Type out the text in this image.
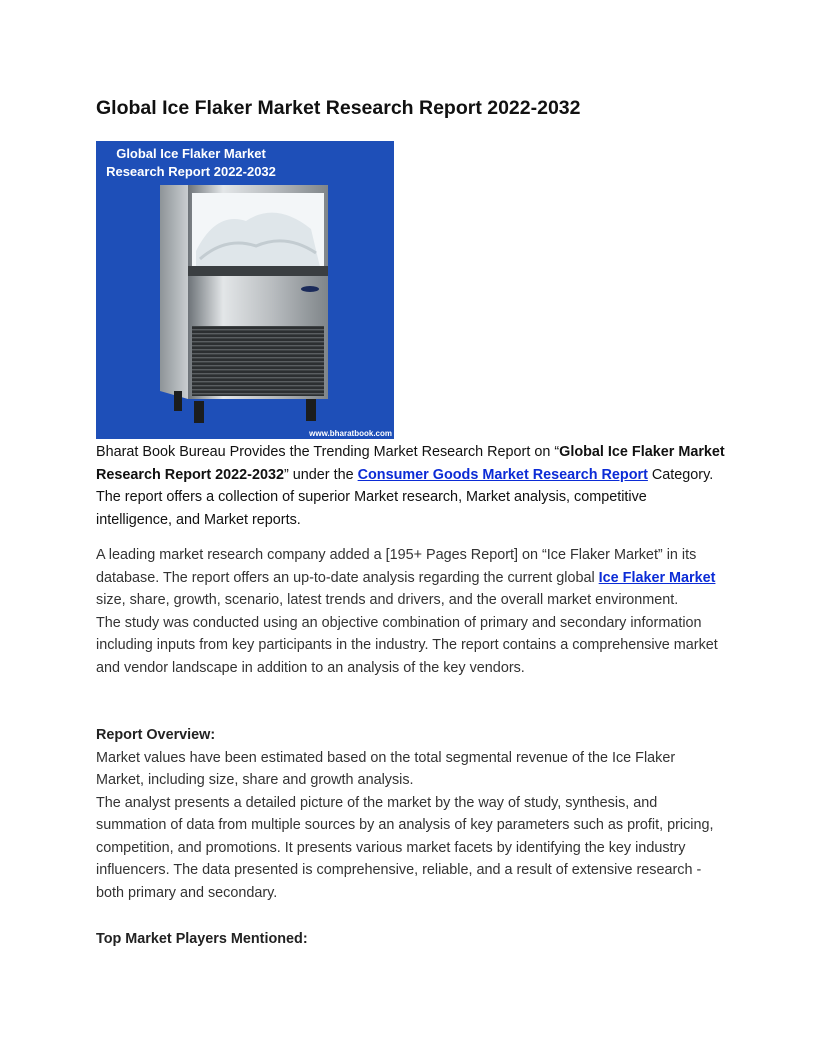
Global Ice Flaker Market Research Report 2022-2032
Global Ice Flaker Market
Research Report 2022-2032
www.bharatbook.com

Bharat Book Bureau Provides the Trending Market Research Report on “Global Ice Flaker Market Research Report 2022-2032” under the Consumer Goods Market Research Report Category. The report offers a collection of superior Market research, Market analysis, competitive intelligence, and Market reports.

A leading market research company added a [195+ Pages Report] on “Ice Flaker Market” in its database. The report offers an up-to-date analysis regarding the current global Ice Flaker Market size, share, growth, scenario, latest trends and drivers, and the overall market environment.
The study was conducted using an objective combination of primary and secondary information including inputs from key participants in the industry. The report contains a comprehensive market and vendor landscape in addition to an analysis of the key vendors.

Report Overview:
Market values have been estimated based on the total segmental revenue of the Ice Flaker Market, including size, share and growth analysis.
The analyst presents a detailed picture of the market by the way of study, synthesis, and summation of data from multiple sources by an analysis of key parameters such as profit, pricing, competition, and promotions. It presents various market facets by identifying the key industry influencers. The data presented is comprehensive, reliable, and a result of extensive research - both primary and secondary.

Top Market Players Mentioned:
